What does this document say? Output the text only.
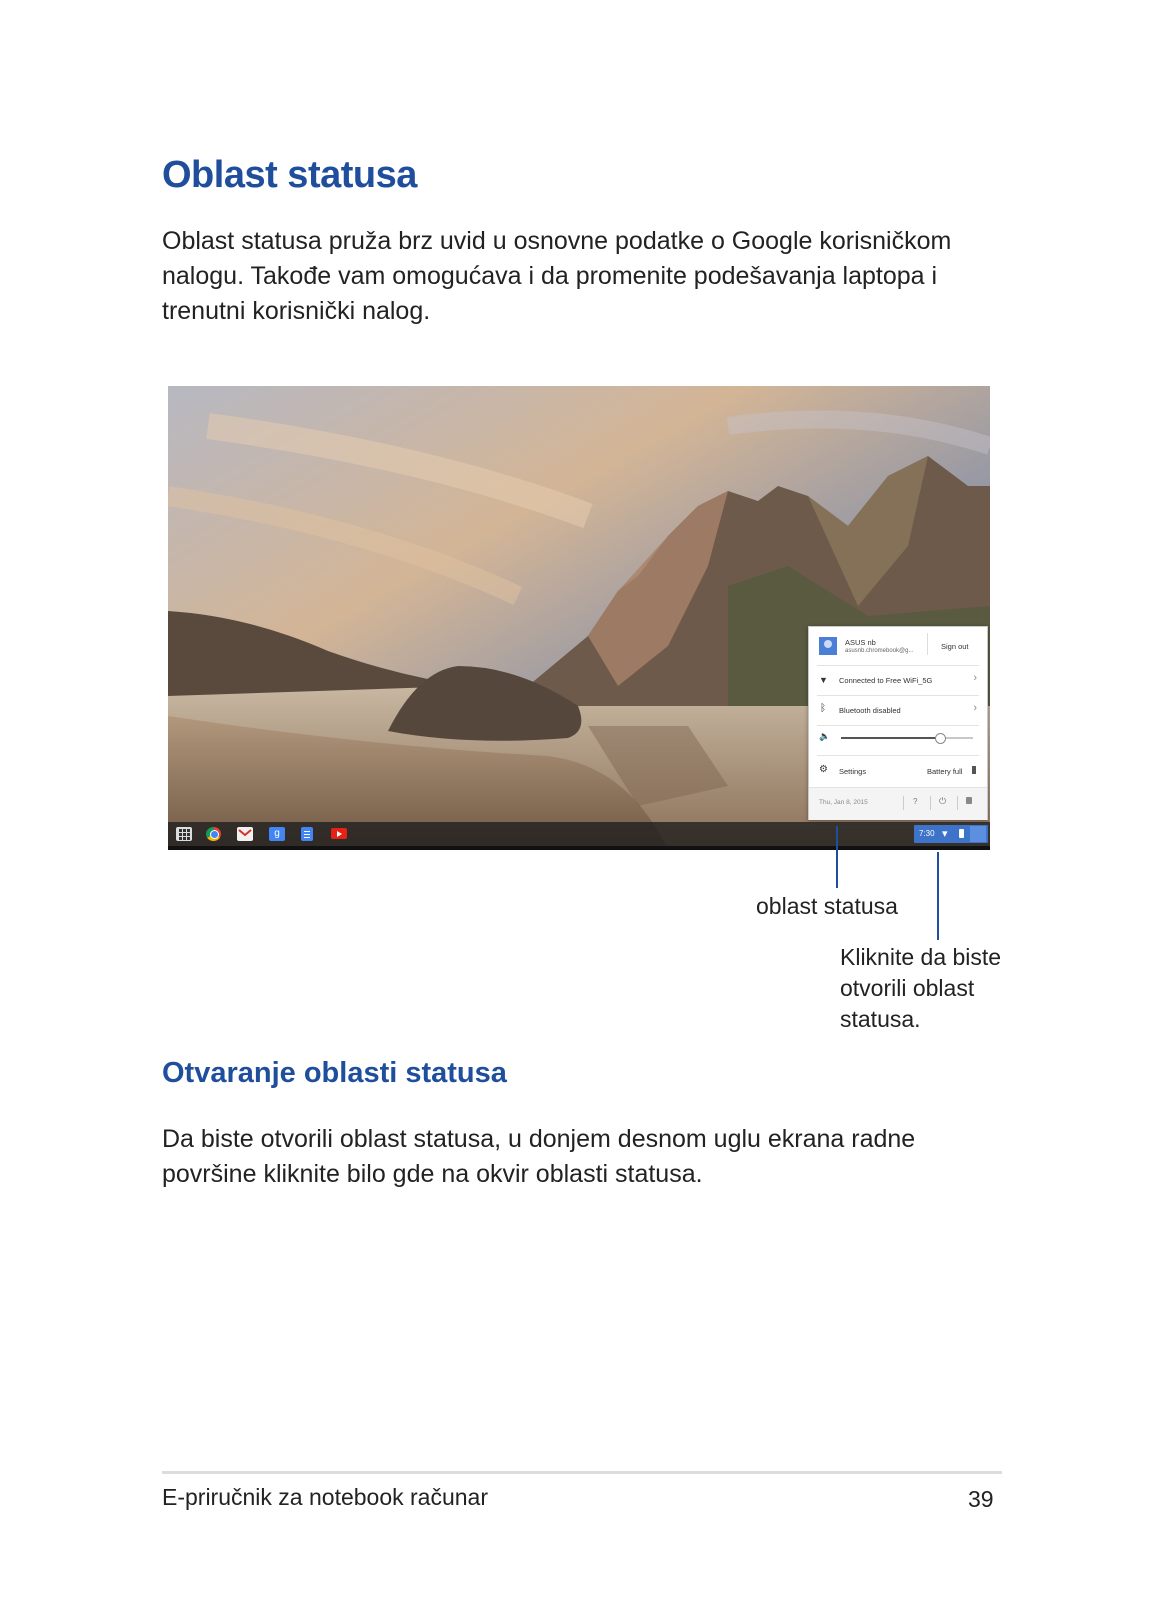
Oblast statusa

Oblast statusa pruža brz uvid u osnovne podatke o Google korisničkom nalogu. Takođe vam omogućava i da promenite podešavanja laptopa i trenutni korisnički nalog.

ASUS nb
asusnb.chromebook@g...	Sign out
▼ Connected to Free WiFi_5G	›
ᛒ Bluetooth disabled	›
🔈
⚙ Settings	Battery full
Thu, Jan 8, 2015	? ⏻
g	7:30 ▾

oblast statusa

Kliknite da biste otvorili oblast statusa.

Otvaranje oblasti statusa

Da biste otvorili oblast statusa, u donjem desnom uglu ekrana radne površine kliknite bilo gde na okvir oblasti statusa.

E-priručnik za notebook računar	39
